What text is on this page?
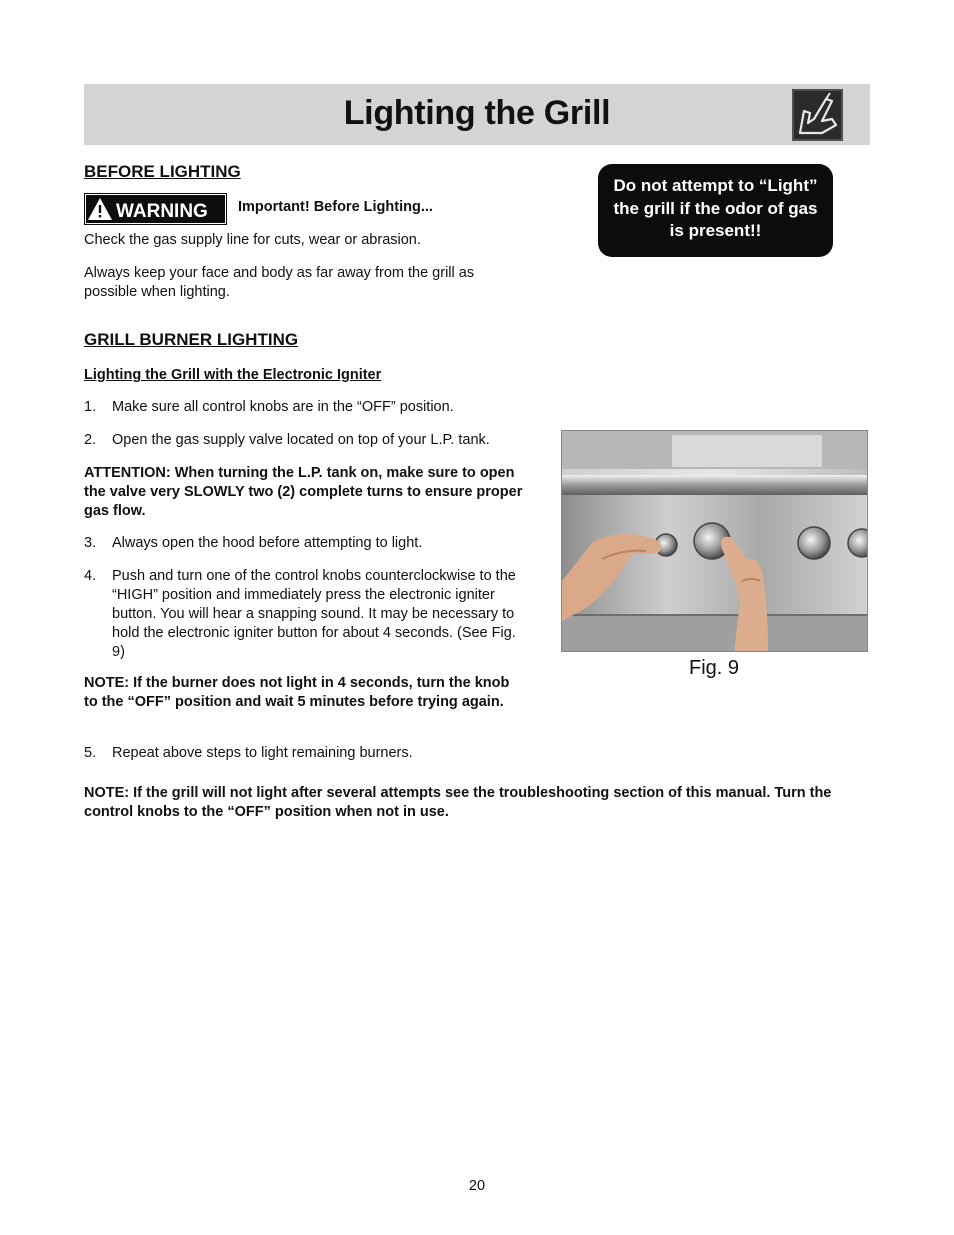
Lighting the Grill
BEFORE LIGHTING
WARNING Important! Before Lighting...

Check the gas supply line for cuts, wear or abrasion.

Always keep your face and body as far away from the grill as possible when lighting.

Do not attempt to “Light” the grill if the odor of gas is present!!
GRILL BURNER LIGHTING
Lighting the Grill with the Electronic Igniter
1. Make sure all control knobs are in the “OFF” position.
2. Open the gas supply valve located on top of your L.P. tank.

ATTENTION: When turning the L.P. tank on, make sure to open the valve very SLOWLY two (2) complete turns to ensure proper gas flow.

3. Always open the hood before attempting to light.
4. Push and turn one of the control knobs counterclockwise to the “HIGH” position and immediately press the electronic igniter button. You will hear a snapping sound. It may be necessary to hold the electronic igniter button for about 4 seconds. (See Fig. 9)

NOTE: If the burner does not light in 4 seconds, turn the knob to the “OFF” position and wait 5 minutes before trying again.

5. Repeat above steps to light remaining burners.
Fig. 9
NOTE: If the grill will not light after several attempts see the troubleshooting section of this manual. Turn the control knobs to the “OFF” position when not in use.
20
